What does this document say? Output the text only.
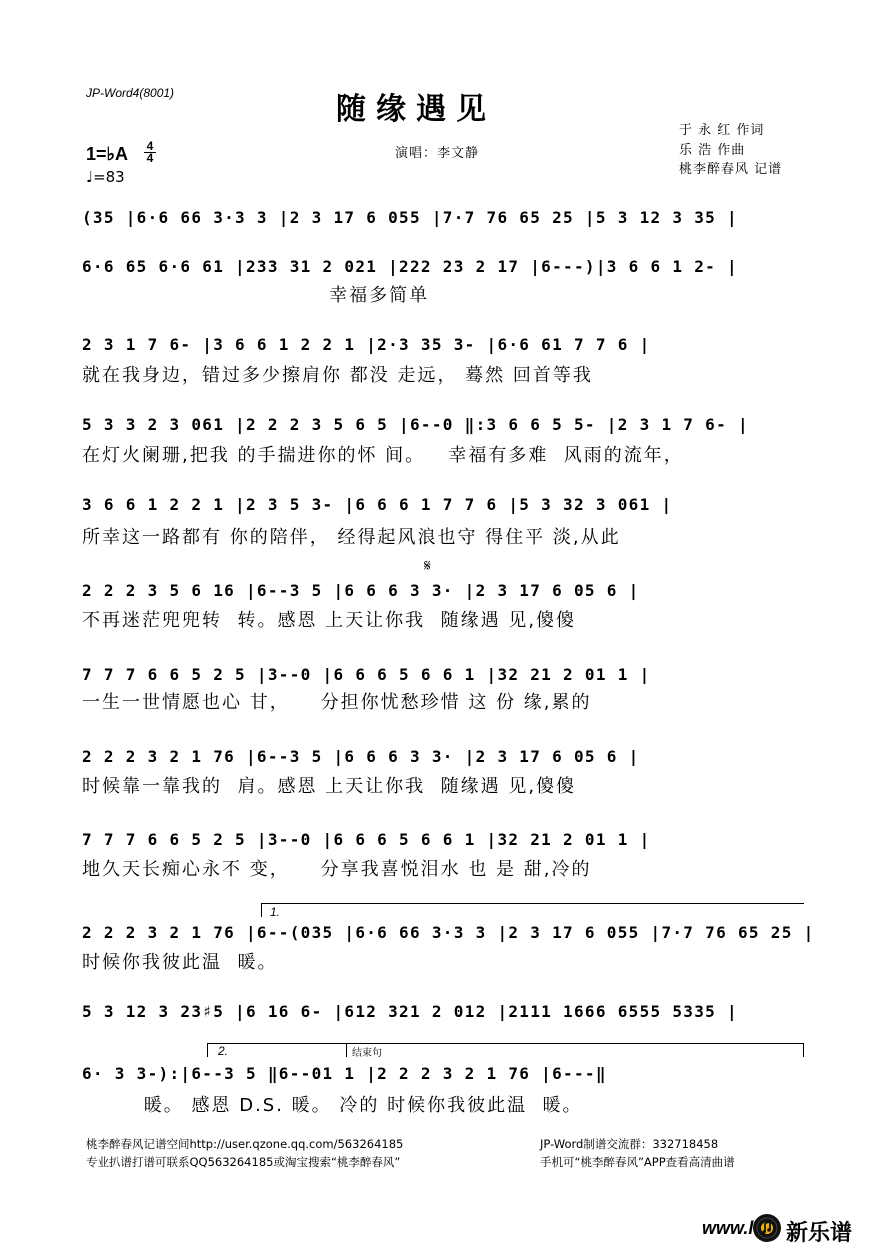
JP-Word4(8001)	随缘遇见
演唱：李文静
于 永 红 作词
乐 浩 作曲
桃李醉春风 记谱
1=♭A 4
4
♩=83
(35 |6·6 66 3·3 3 |2 3 17 6 055 |7·7 76 65 25 |5 3 12 3 35 |
6·6 65 6·6 61 |233 31 2 021 |222 23 2 17 |6---)|3 6 6 1 2- |
幸福多简单
2 3 1 7 6- |3 6 6 1 2 2 1 |2·3 35 3- |6·6 61 7 7 6 |
就在我身边，错过多少擦肩你 都没 走远， 蓦然 回首等我
5 3 3 2 3 061 |2 2 2 3 5 6 5 |6--0 ‖:3 6 6 5 5- |2 3 1 7 6- |
在灯火阑珊,把我 的手揣进你的怀 间。   幸福有多难  风雨的流年，
3 6 6 1 2 2 1 |2 3 5 3- |6 6 6 1 7 7 6 |5 3 32 3 061 |
所幸这一路都有 你的陪伴， 经得起风浪也守 得住平 淡,从此
𝄋
2 2 2 3 5 6 16 |6--3 5 |6 6 6 3 3· |2 3 17 6 05 6 |
不再迷茫兜兜转  转。感恩 上天让你我  随缘遇 见,傻傻
7 7 7 6 6 5 2 5 |3--0 |6 6 6 5 6 6 1 |32 21 2 01 1 |
一生一世情愿也心 甘，    分担你忧愁珍惜 这 份 缘,累的
2 2 2 3 2 1 76 |6--3 5 |6 6 6 3 3· |2 3 17 6 05 6 |
时候靠一靠我的  肩。感恩 上天让你我  随缘遇 见,傻傻
7 7 7 6 6 5 2 5 |3--0 |6 6 6 5 6 6 1 |32 21 2 01 1 |
地久天长痴心永不 变，    分享我喜悦泪水 也 是 甜,冷的
1.
2 2 2 3 2 1 76 |6--(035 |6·6 66 3·3 3 |2 3 17 6 055 |7·7 76 65 25 |
时候你我彼此温  暖。
5 3 12 3 23♯5 |6 16 6- |612 321 2 012 |2111 1666 6555 5335 |
2.	结束句
6· 3 3-):|6--3 5 ‖6--01 1 |2 2 2 3 2 1 76 |6---‖
暖。 感恩 D.S. 暖。 冷的 时候你我彼此温  暖。
桃李醉春风记谱空间http://user.qzone.qq.com/563264185
专业扒谱打谱可联系QQ563264185或淘宝搜索“桃李醉春风”
JP-Word制谱交流群：332718458
手机可“桃李醉春风”APP查看高清曲谱
www.l 新乐谱
